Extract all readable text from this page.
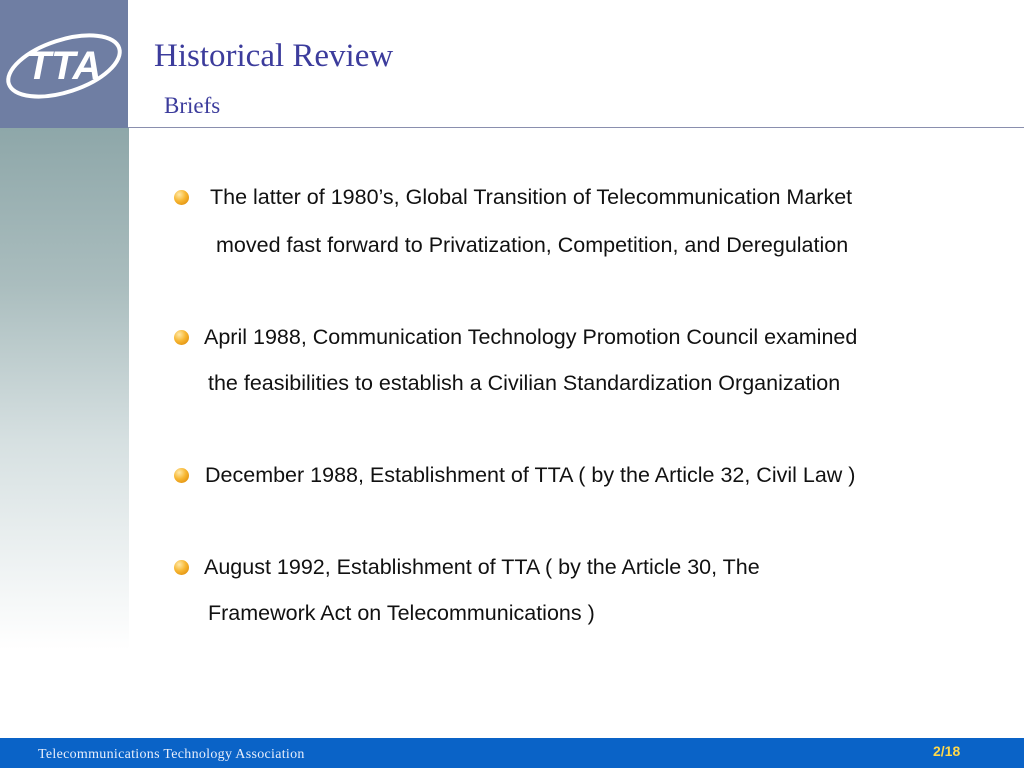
TTA Historical Review
Briefs
The latter of 1980’s, Global Transition of Telecommunication Market
moved fast forward to Privatization, Competition, and Deregulation
April 1988, Communication Technology Promotion Council examined
the feasibilities to establish a Civilian Standardization Organization
December 1988, Establishment of TTA ( by the Article 32, Civil Law )
August 1992, Establishment of TTA ( by the Article 30, The
Framework Act on Telecommunications )
Telecommunications Technology Association	2/18
